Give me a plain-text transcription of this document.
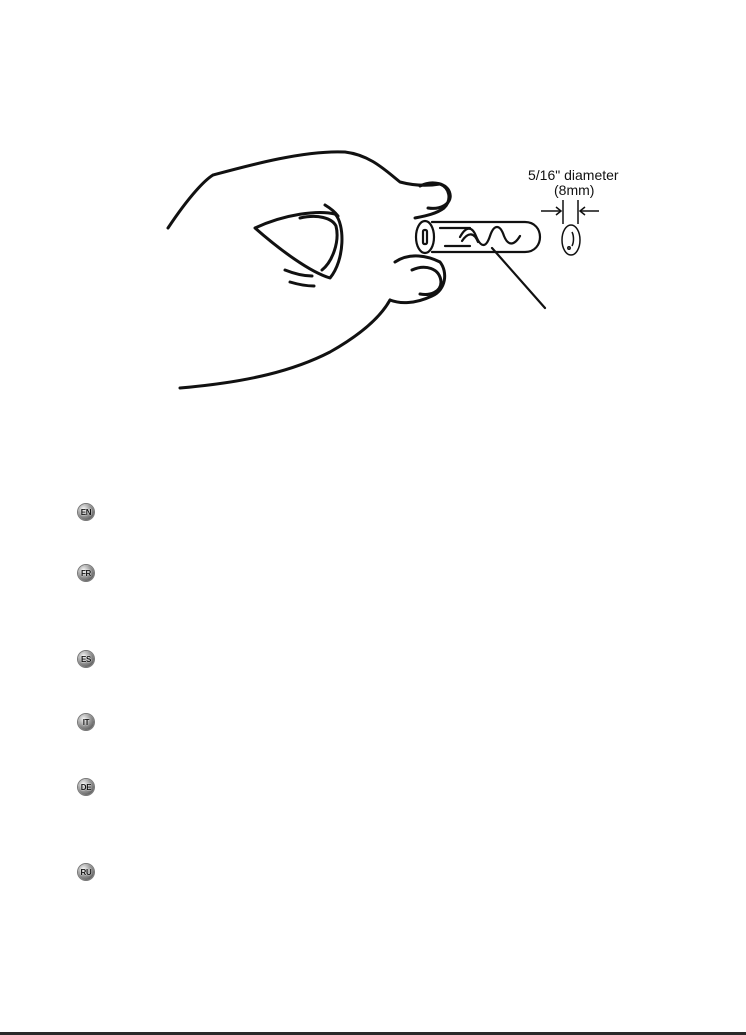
5/16" diameter
(8mm)
EN
FR
ES
IT
DE
RU
